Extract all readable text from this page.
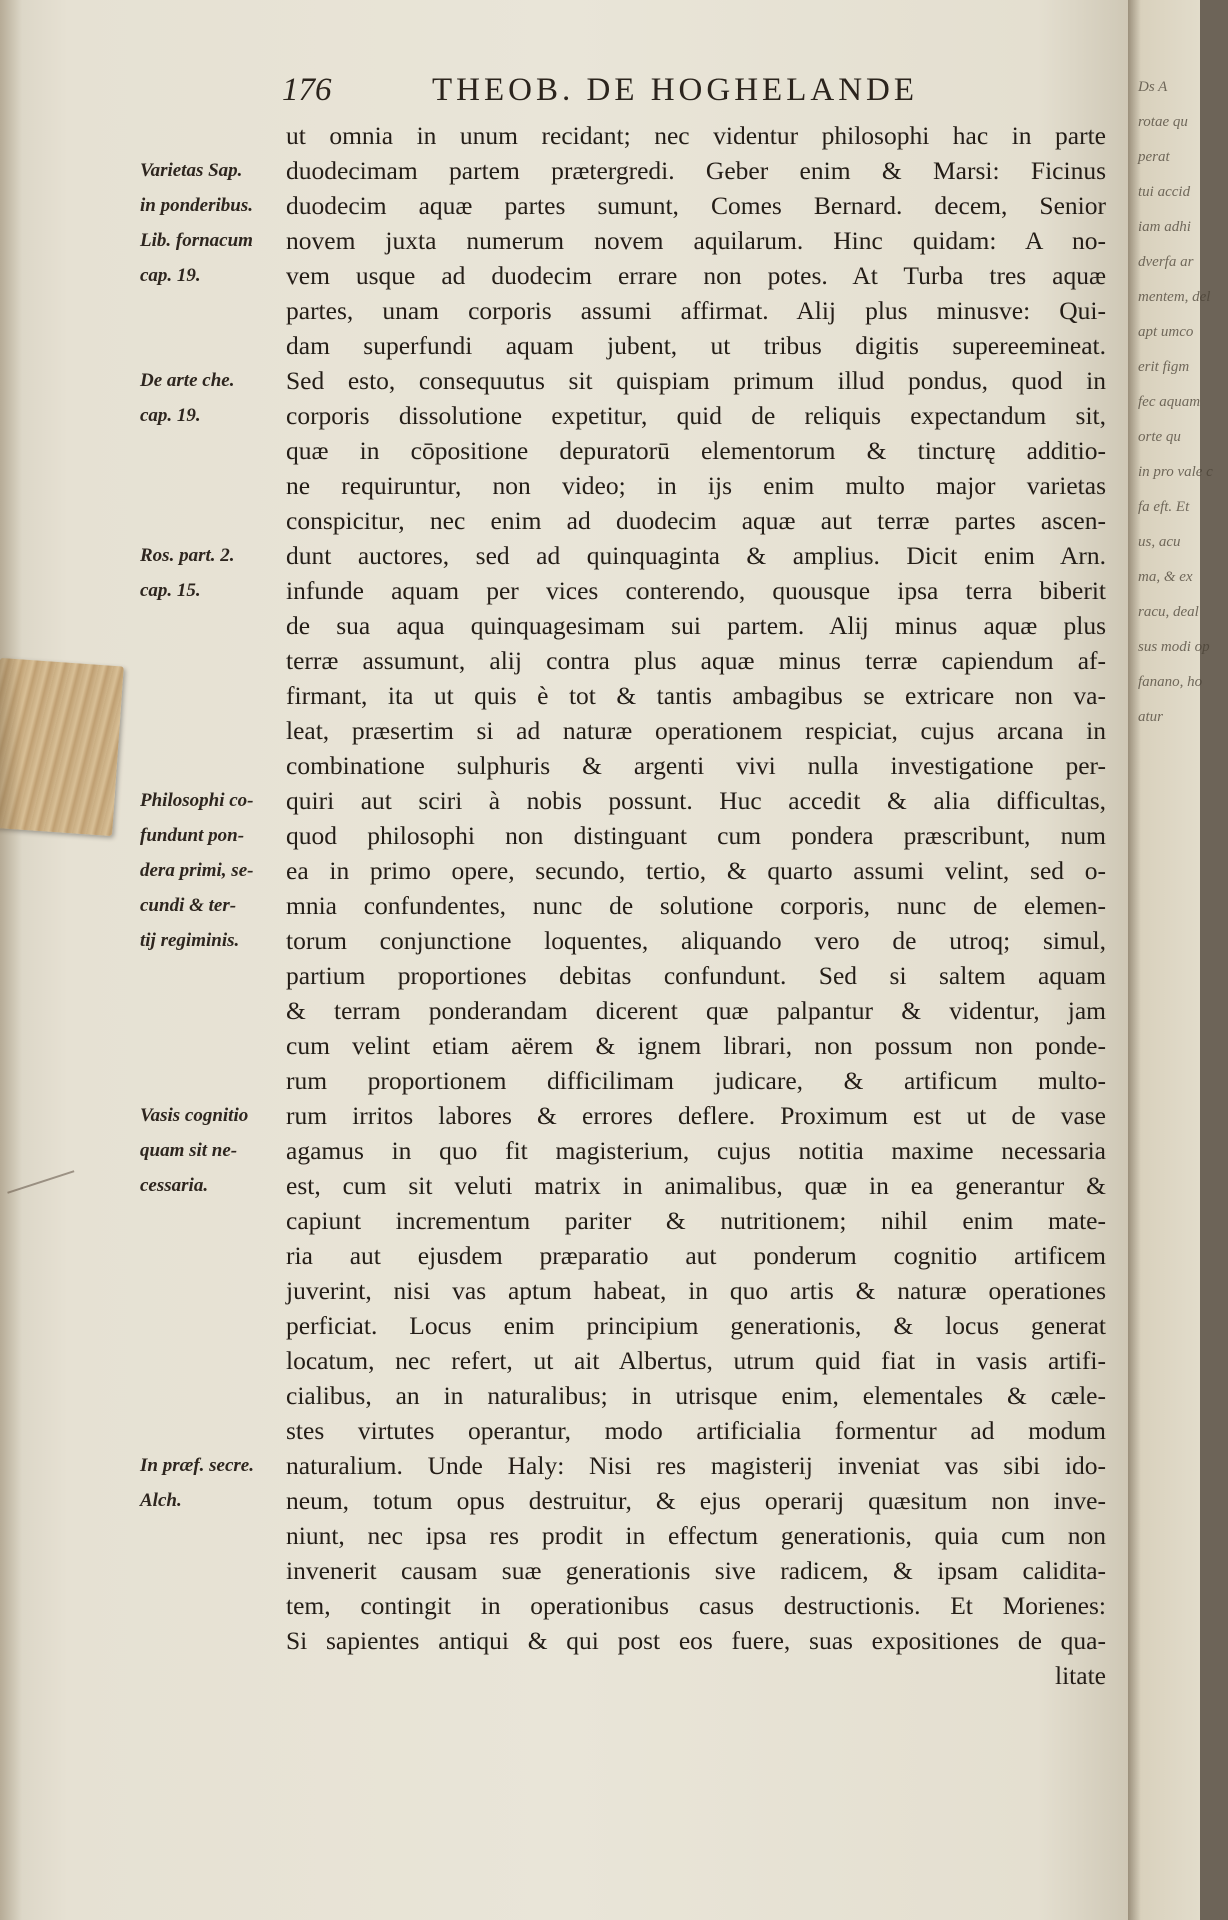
176	THEOB. DE HOGHELANDE
Varietas Sap.
in ponderibus.
Lib. fornacum
cap. 19.
De arte che.
cap. 19.
Ros. part. 2.
cap. 15.
Philosophi co-
fundunt pon-
dera primi, se-
cundi & ter-
tij regiminis.
Vasis cognitio
quam sit ne-
cessaria.
In præf. secre.
Alch.
ut omnia in unum recidant; nec videntur philosophi hac in parte
duodecimam partem prætergredi. Geber enim & Marsi: Ficinus
duodecim aquæ partes sumunt, Comes Bernard. decem, Senior
novem juxta numerum novem aquilarum. Hinc quidam: A no-
vem usque ad duodecim errare non potes. At Turba tres aquæ
partes, unam corporis assumi affirmat. Alij plus minusve: Qui-
dam superfundi aquam jubent, ut tribus digitis supereemineat.
Sed esto, consequutus sit quispiam primum illud pondus, quod in
corporis dissolutione expetitur, quid de reliquis expectandum sit,
quæ in cōpositione depuratorū elementorum & tincturę additio-
ne requiruntur, non video; in ijs enim multo major varietas
conspicitur, nec enim ad duodecim aquæ aut terræ partes ascen-
dunt auctores, sed ad quinquaginta & amplius. Dicit enim Arn.
infunde aquam per vices conterendo, quousque ipsa terra biberit
de sua aqua quinquagesimam sui partem. Alij minus aquæ plus
terræ assumunt, alij contra plus aquæ minus terræ capiendum af-
firmant, ita ut quis è tot & tantis ambagibus se extricare non va-
leat, præsertim si ad naturæ operationem respiciat, cujus arcana in
combinatione sulphuris & argenti vivi nulla investigatione per-
quiri aut sciri à nobis possunt. Huc accedit & alia difficultas,
quod philosophi non distinguant cum pondera præscribunt, num
ea in primo opere, secundo, tertio, & quarto assumi velint, sed o-
mnia confundentes, nunc de solutione corporis, nunc de elemen-
torum conjunctione loquentes, aliquando vero de utroq; simul,
partium proportiones debitas confundunt. Sed si saltem aquam
& terram ponderandam dicerent quæ palpantur & videntur, jam
cum velint etiam aërem & ignem librari, non possum non ponde-
rum proportionem difficilimam judicare, & artificum multo-
rum irritos labores & errores deflere. Proximum est ut de vase
agamus in quo fit magisterium, cujus notitia maxime necessaria
est, cum sit veluti matrix in animalibus, quæ in ea generantur &
capiunt incrementum pariter & nutritionem; nihil enim mate-
ria aut ejusdem præparatio aut ponderum cognitio artificem
juverint, nisi vas aptum habeat, in quo artis & naturæ operationes
perficiat. Locus enim principium generationis, & locus generat
locatum, nec refert, ut ait Albertus, utrum quid fiat in vasis artifi-
cialibus, an in naturalibus; in utrisque enim, elementales & cæle-
stes virtutes operantur, modo artificialia formentur ad modum
naturalium. Unde Haly: Nisi res magisterij inveniat vas sibi ido-
neum, totum opus destruitur, & ejus operarij quæsitum non inve-
niunt, nec ipsa res prodit in effectum generationis, quia cum non
invenerit causam suæ generationis sive radicem, & ipsam calidita-
tem, contingit in operationibus casus destructionis. Et Morienes:
Si sapientes antiqui & qui post eos fuere, suas expositiones de qua-
litate
Ds A
rotae qu
perat
tui accid
iam adhi
dverfa ar
mentem, del
apt umco
erit figm
fec aquam
orte qu
in pro vale c
fa eft. Et
us, acu
ma, & ex
racu, deal
sus modi op
fanano, ho
atur
